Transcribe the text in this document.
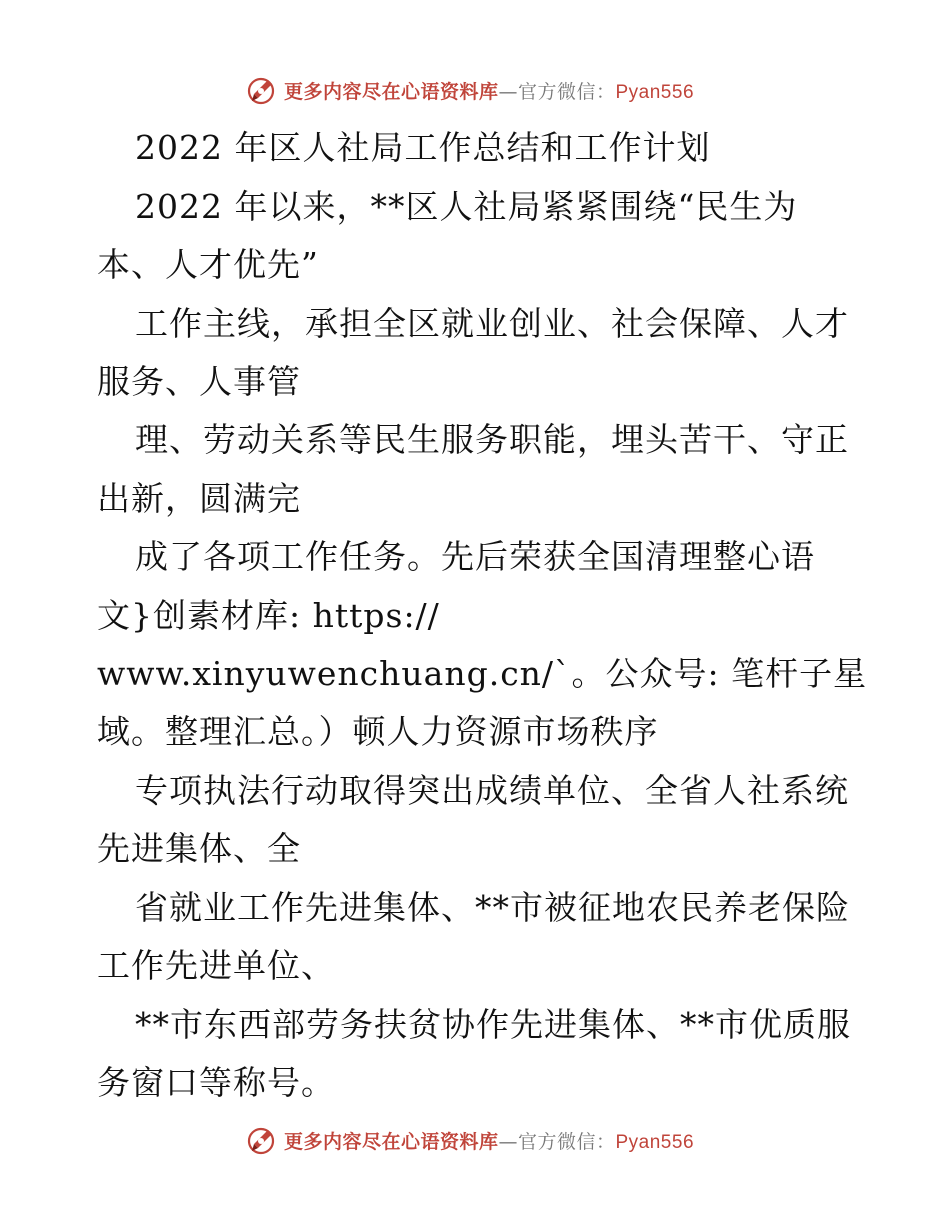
更多内容尽在心语资料库—官方微信：Pyan556
2022 年区人社局工作总结和工作计划
2022 年以来，**区人社局紧紧围绕“民生为
本、人才优先”
工作主线，承担全区就业创业、社会保障、人才
服务、人事管
理、劳动关系等民生服务职能，埋头苦干、守正
出新，圆满完
成了各项工作任务。先后荣获全国清理整心语
文}创素材库: https://
www.xinyuwenchuang.cn/`。公众号: 笔杆子星
域。整理汇总。）顿人力资源市场秩序
专项执法行动取得突出成绩单位、全省人社系统
先进集体、全
省就业工作先进集体、**市被征地农民养老保险
工作先进单位、
**市东西部劳务扶贫协作先进集体、**市优质服
务窗口等称号。
更多内容尽在心语资料库—官方微信：Pyan556
